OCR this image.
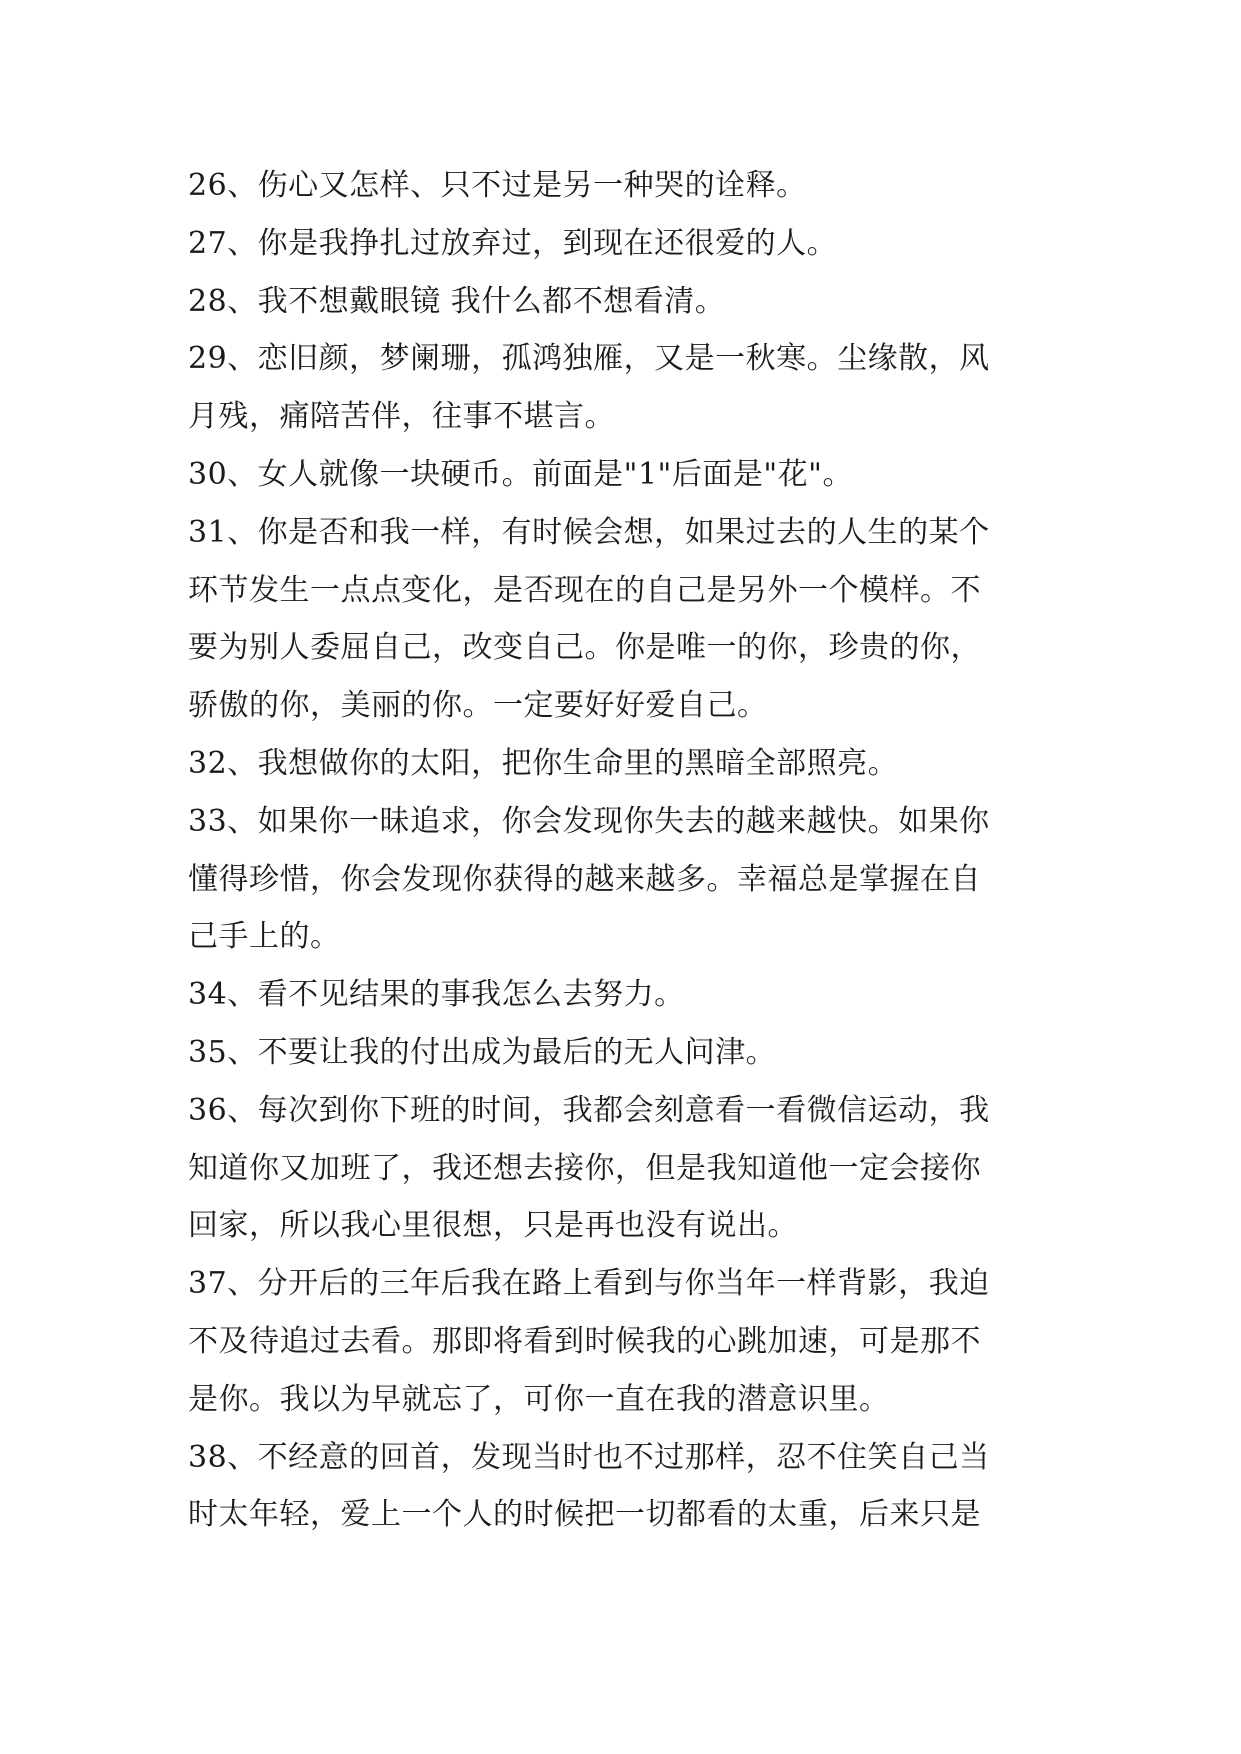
26、伤心又怎样、只不过是另一种哭的诠释。
27、你是我挣扎过放弃过，到现在还很爱的人。
28、我不想戴眼镜 我什么都不想看清。
29、恋旧颜，梦阑珊，孤鸿独雁，又是一秋寒。尘缘散，风
月残，痛陪苦伴，往事不堪言。
30、女人就像一块硬币。前面是"1"后面是"花"。
31、你是否和我一样，有时候会想，如果过去的人生的某个
环节发生一点点变化，是否现在的自己是另外一个模样。不
要为别人委屈自己，改变自己。你是唯一的你，珍贵的你，
骄傲的你，美丽的你。一定要好好爱自己。
32、我想做你的太阳，把你生命里的黑暗全部照亮。
33、如果你一昧追求，你会发现你失去的越来越快。如果你
懂得珍惜，你会发现你获得的越来越多。幸福总是掌握在自
己手上的。
34、看不见结果的事我怎么去努力。
35、不要让我的付出成为最后的无人问津。
36、每次到你下班的时间，我都会刻意看一看微信运动，我
知道你又加班了，我还想去接你，但是我知道他一定会接你
回家，所以我心里很想，只是再也没有说出。
37、分开后的三年后我在路上看到与你当年一样背影，我迫
不及待追过去看。那即将看到时候我的心跳加速，可是那不
是你。我以为早就忘了，可你一直在我的潜意识里。
38、不经意的回首，发现当时也不过那样，忍不住笑自己当
时太年轻，爱上一个人的时候把一切都看的太重，后来只是
